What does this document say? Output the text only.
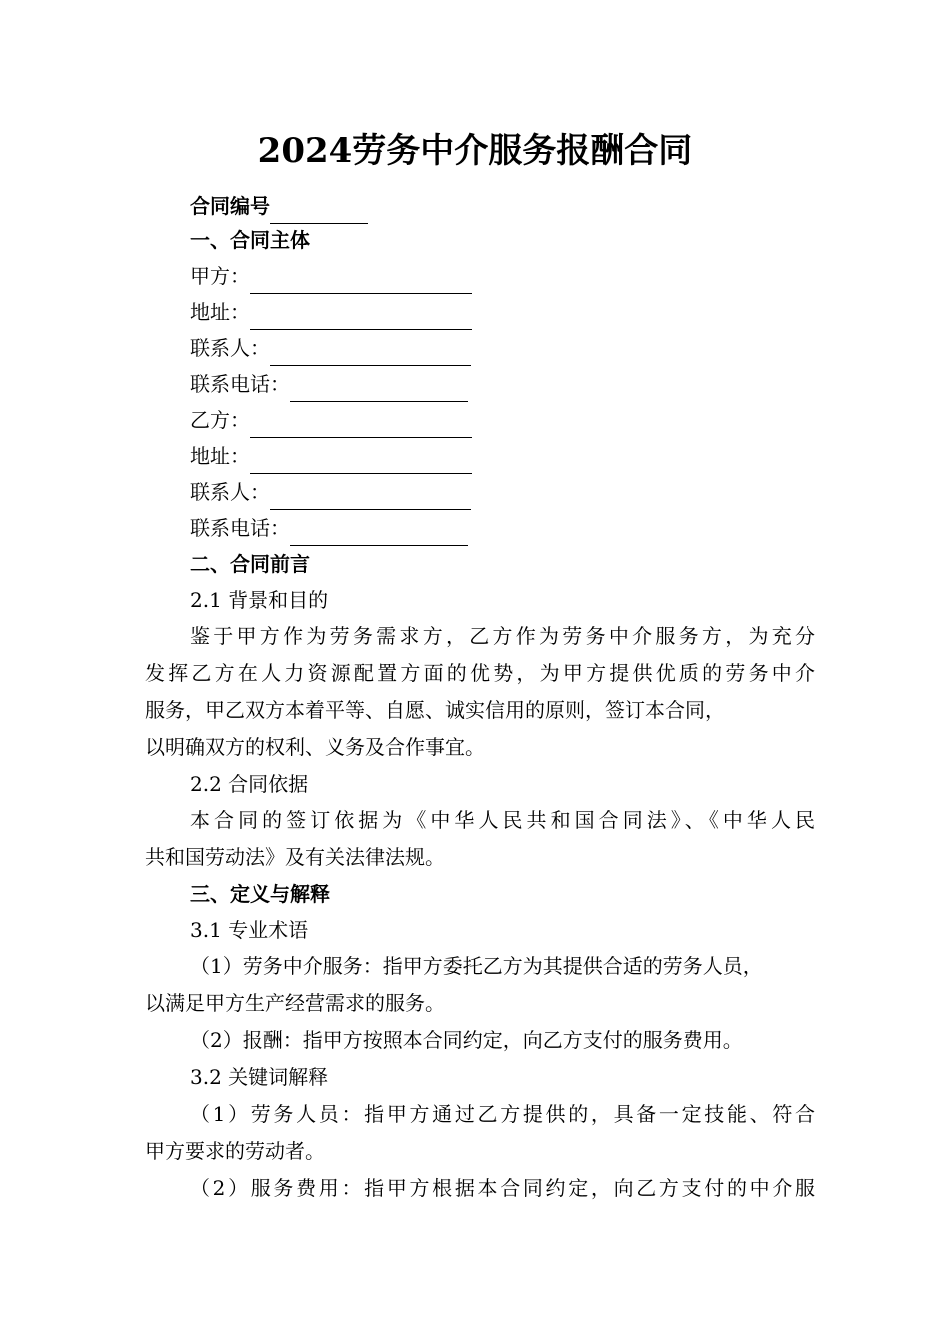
2024劳务中介服务报酬合同
合同编号
一、合同主体
甲方：
地址：
联系人：
联系电话：
乙方：
地址：
联系人：
联系电话：
二、合同前言
2.1 背景和目的
鉴于甲方作为劳务需求方，乙方作为劳务中介服务方，为充分
发挥乙方在人力资源配置方面的优势，为甲方提供优质的劳务中介
服务，甲乙双方本着平等、自愿、诚实信用的原则，签订本合同，
以明确双方的权利、义务及合作事宜。
2.2 合同依据
本合同的签订依据为《中华人民共和国合同法》、《中华人民
共和国劳动法》及有关法律法规。
三、定义与解释
3.1 专业术语
（1）劳务中介服务：指甲方委托乙方为其提供合适的劳务人员，
以满足甲方生产经营需求的服务。
（2）报酬：指甲方按照本合同约定，向乙方支付的服务费用。
3.2 关键词解释
（1）劳务人员：指甲方通过乙方提供的，具备一定技能、符合
甲方要求的劳动者。
（2）服务费用：指甲方根据本合同约定，向乙方支付的中介服
